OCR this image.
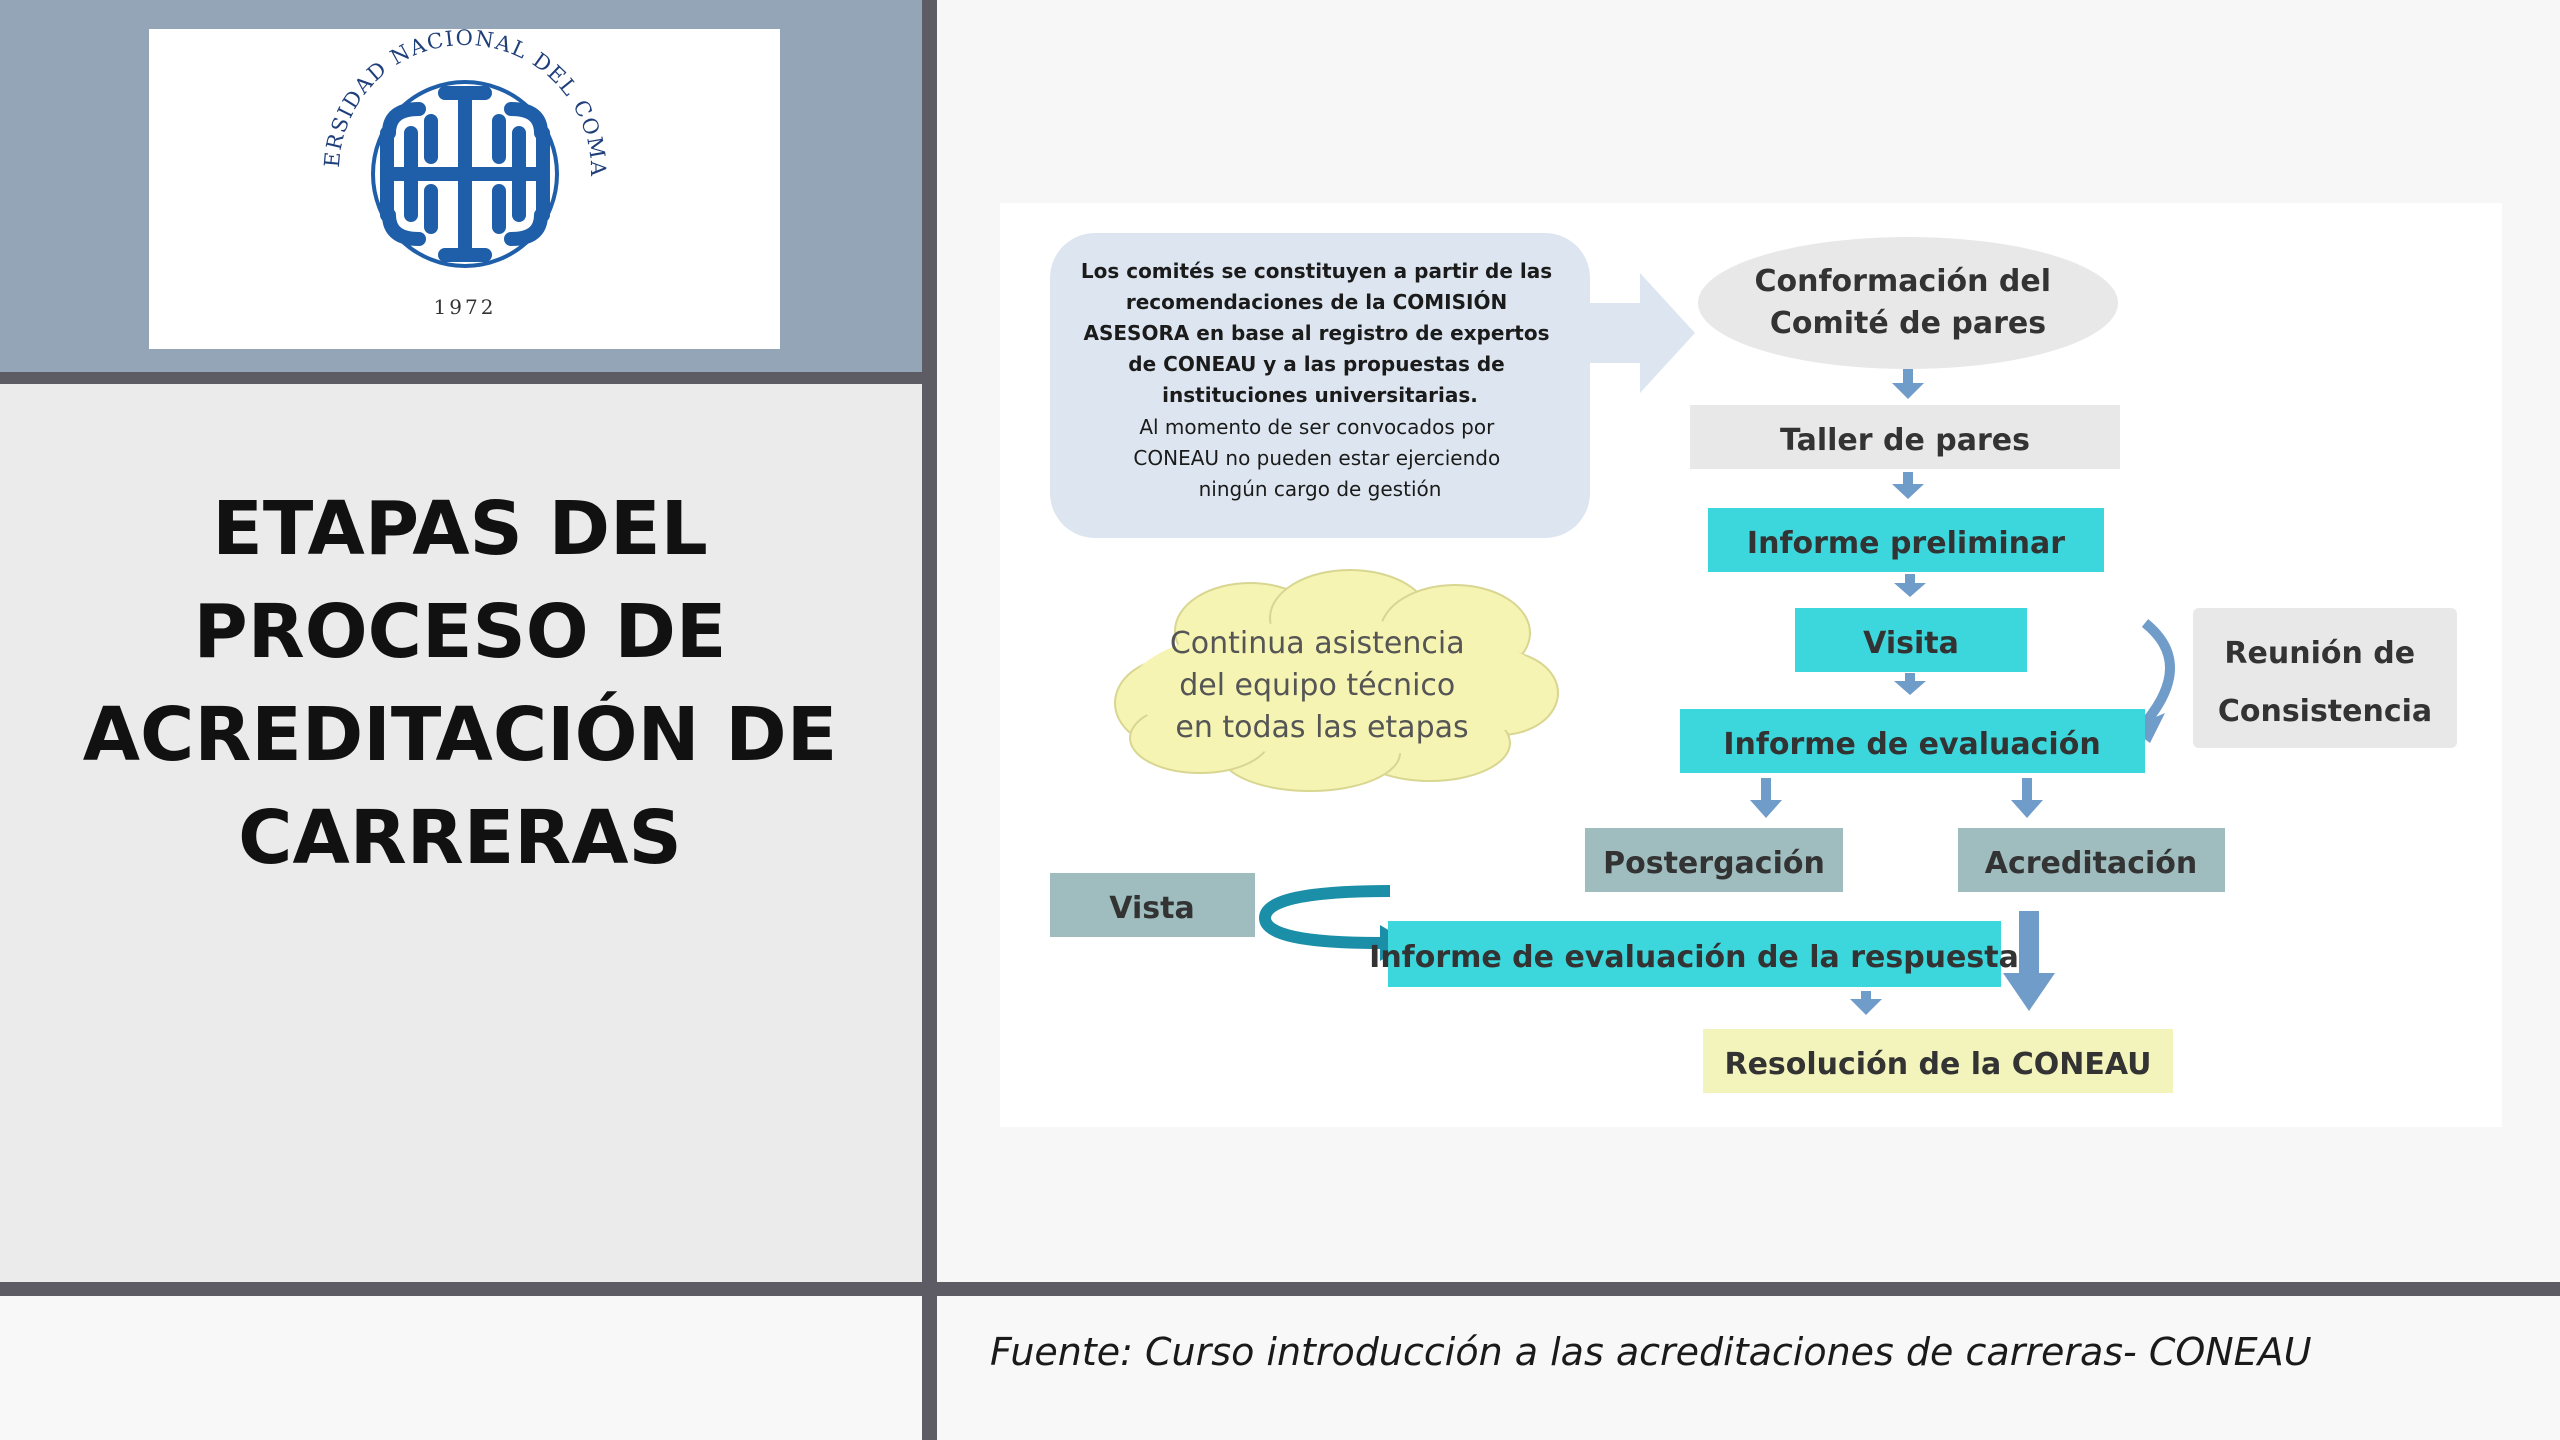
ERSIDAD NACIONAL DEL COMA
1972
ETAPAS DEL
PROCESO DE
ACREDITACIÓN DE
CARRERAS
Los comités se constituyen a partir de las recomendaciones de la COMISIÓN ASESORA en base al registro de expertos de CONEAU y a las propuestas de instituciones universitarias.
Al momento de ser convocados por CONEAU no pueden estar ejerciendo ningún cargo de gestión
Continua asistencia del equipo técnico en todas las etapas
Conformación del Comité de pares
Taller de pares
Informe preliminar
Visita	Reunión de Consistencia
Informe de evaluación
Postergación	Acreditación
Vista
Informe de evaluación de la respuesta
Resolución de la CONEAU

Fuente: Curso introducción a las acreditaciones de carreras- CONEAU
